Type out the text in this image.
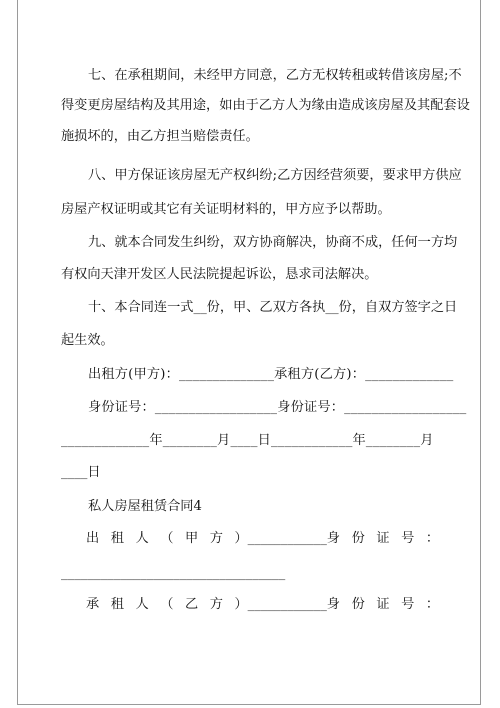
七、在承租期间，未经甲方同意，乙方无权转租或转借该房屋;不
得变更房屋结构及其用途，如由于乙方人为缘由造成该房屋及其配套设
施损坏的，由乙方担当赔偿责任。
八、甲方保证该房屋无产权纠纷;乙方因经营须要，要求甲方供应
房屋产权证明或其它有关证明材料的，甲方应予以帮助。
九、就本合同发生纠纷，双方协商解决，协商不成，任何一方均
有权向天津开发区人民法院提起诉讼，恳求司法解决。
十、本合同连一式__份，甲、乙双方各执__份，自双方签字之日
起生效。
出租方(甲方)：______________承租方(乙方)：_____________
身份证号：__________________身份证号：__________________
_____________年________月____日____________年________月
____日
私人房屋租赁合同4
出 租 人 （ 甲 方 ）____________身 份 证 号 ：
__________________________________
承 租 人 （ 乙 方 ）____________身 份 证 号 ：
